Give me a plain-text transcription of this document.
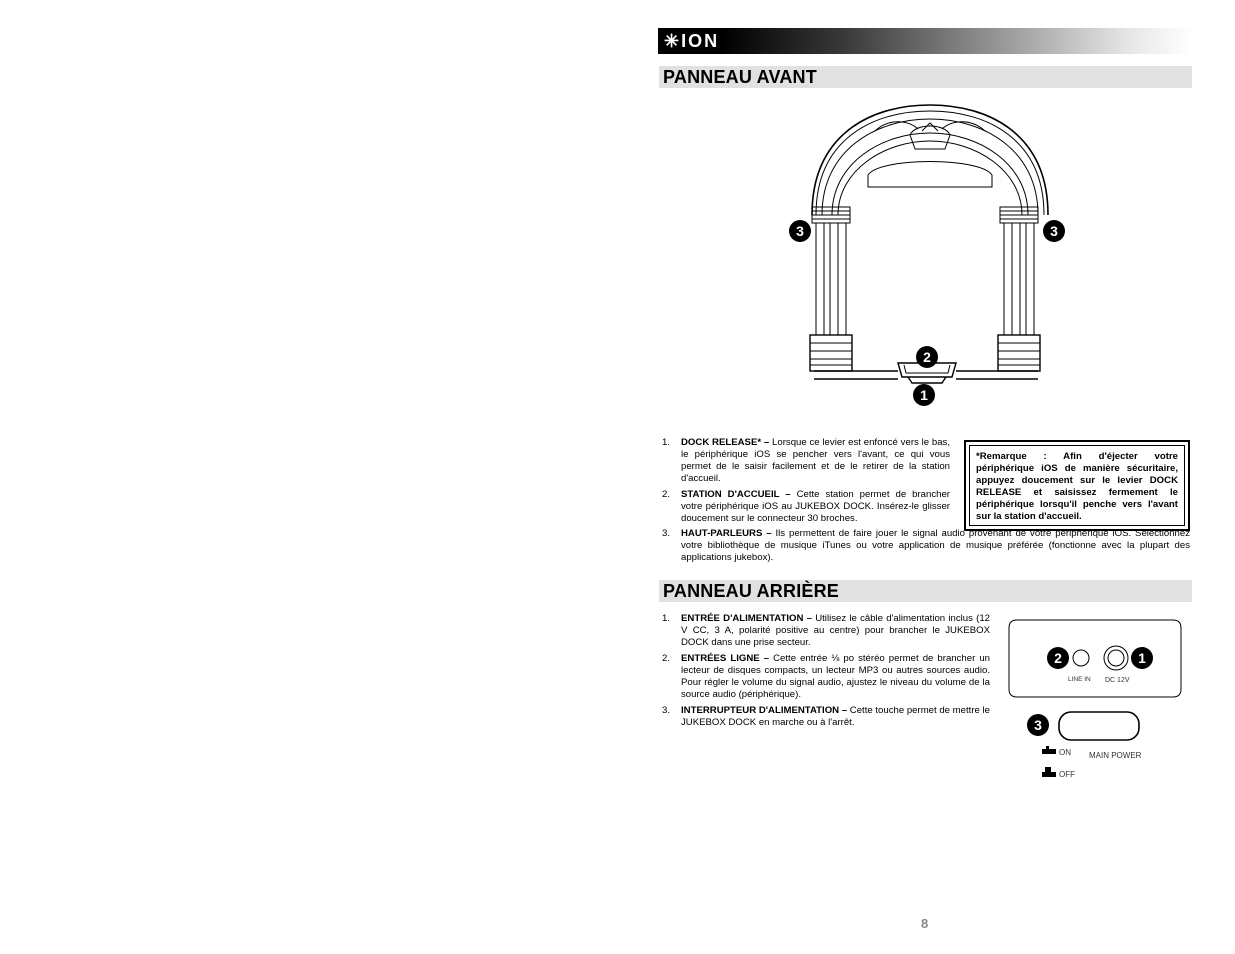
✳ION
PANNEAU AVANT
3	3
2
1
1. DOCK RELEASE* – Lorsque ce levier est enfoncé vers le bas, le périphérique iOS se pencher vers l'avant, ce qui vous permet de le saisir facilement et de le retirer de la station d'accueil.
2. STATION D'ACCUEIL – Cette station permet de brancher votre périphérique iOS au JUKEBOX DOCK. Insérez-le glisser doucement sur le connecteur 30 broches.
3. HAUT-PARLEURS – Ils permettent de faire jouer le signal audio provenant de votre périphérique iOS. Sélectionnez votre bibliothèque de musique iTunes ou votre application de musique préférée (fonctionne avec la plupart des applications jukebox).
*Remarque : Afin d'éjecter votre périphérique iOS de manière sécuritaire, appuyez doucement sur le levier DOCK RELEASE et saisissez fermement le périphérique lorsqu'il penche vers l'avant sur la station d'accueil.
PANNEAU ARRIÈRE
1. ENTRÉE D'ALIMENTATION – Utilisez le câble d'alimentation inclus (12 V CC, 3 A, polarité positive au centre) pour brancher le JUKEBOX DOCK dans une prise secteur.
2. ENTRÉES LIGNE – Cette entrée ⅛ po stéréo permet de brancher un lecteur de disques compacts, un lecteur MP3 ou autres sources audio. Pour régler le volume du signal audio, ajustez le niveau du volume de la source audio (périphérique).
3. INTERRUPTEUR D'ALIMENTATION – Cette touche permet de mettre le JUKEBOX DOCK en marche ou à l'arrêt.
2	1
3
LINE IN DC 12V
ON MAIN POWER
OFF
8
